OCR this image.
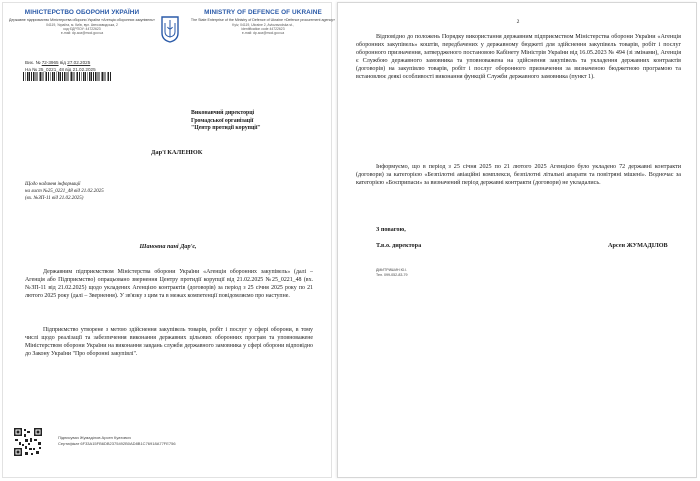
МІНІСТЕРСТВО ОБОРОНИ УКРАЇНИ
Державне підприємство Міністерства оборони України «Агенція оборонних закупівель»
04119, Україна, м. Київ, вул. Автозаводська, 2
код ЄДРПОУ: 44722623
e-mail: dp.aoz@mod.gov.ua
MINISTRY OF DEFENCE OF UKRAINE
The State Enterprise of the Ministry of Defence of Ukraine «Defence procurement agency»
Kyiv, 04119, Ukraine 2, Avtozavodska st.,
identification code 44722623
e-mail: dp.aoz@mod.gov.ua
Вих. № 72-3965 від 27.02.2025
На № 25_0221_48 від 21.02.2025
Виконавчий директорці
Громадської організації
"Центр протидії корупції"
Дар'ї КАЛЕНЮК
Щодо надання інформації
на лист №25_0221_48 від 21.02.2025
(вх. №ЗП-11 від 21.02.2025)
Шановна пані Дар'є,

Державним підприємством Міністерства оборони України «Агенція оборонних закупівель» (далі – Агенція або Підприємство) опрацьовано звернення Центру протидії корупції від 21.02.2025 №25_0221_48 (вх. №ЗП-11 від 21.02.2025) щодо укладених Агенцією контрактів (договорів) за період з 25 січня 2025 року по 21 лютого 2025 року (далі – Звернення). У зв'язку з цим та в межах компетенції повідомляємо про наступне.

Підприємство утворене з метою здійснення закупівель товарів, робіт і послуг у сфері оборони, в тому числі щодо реалізації та забезпечення виконання державних цільових оборонних програм та уповноважене Міністерством оборони України на виконання завдань служби державного замовника у сфері оборони відповідно до Закону України "Про оборонні закупівлі".

Підписувач Жумаділов Арсен Куатович
Сертифікат 6F33A15FB6DB2375492B0AD8B1C76918A77FE756
2

Відповідно до положень Порядку використання державним підприємством Міністерства оборони України «Агенція оборонних закупівель» коштів, передбачених у державному бюджеті для здійснення закупівель товарів, робіт і послуг оборонного призначення, затвердженого постановою Кабінету Міністрів України від 16.05.2023 № 494 (зі змінами), Агенція є Службою державного замовника та уповноважена на здійснення закупівель та укладення державних контрактів (договорів) на закупівлю товарів, робіт і послуг оборонного призначення за визначеною бюджетною програмою та встановлює деякі особливості виконання функцій Служби державного замовника (пункт 1).

Інформуємо, що в період з 25 січня 2025 по 21 лютого 2025 Агенцією було укладено 72 державні контракти (договори) за категорією «Безпілотні авіаційні комплекси, безпілотні літальні апарати та повітряні мішені». Водночас за категорією «Боєприпаси» за визначений період державні контракти (договори) не укладались.

З повагою,
Т.в.о. директора	Арсен ЖУМАДІЛОВ
ДМИТРИШИН Ю.І.
Тел. 099-052-83-79
